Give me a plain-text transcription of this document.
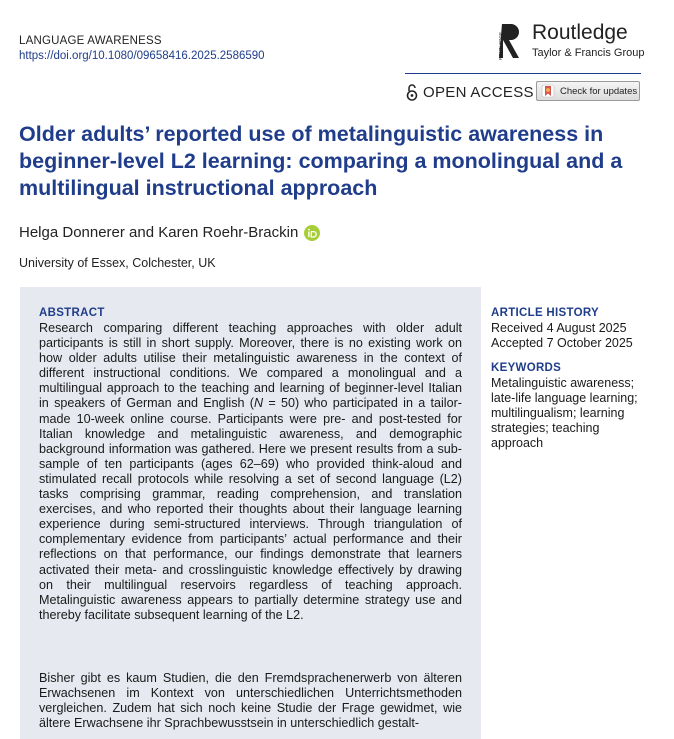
LANGUAGE AWARENESS
https://doi.org/10.1080/09658416.2025.2586590	ROUTLEDGE Routledge
Taylor & Francis Group
OPEN ACCESS	Check for updates
Older adults’ reported use of metalinguistic awareness in beginner-level L2 learning: comparing a monolingual and a multilingual instructional approach
Helga Donnerer and Karen Roehr-Brackin
University of Essex, Colchester, UK
ABSTRACT

Research comparing different teaching approaches with older adult participants is still in short supply. Moreover, there is no existing work on how older adults utilise their metalinguistic awareness in the context of different instructional conditions. We compared a monolingual and a multilingual approach to the teaching and learning of beginner-level Italian in speakers of German and English (N = 50) who participated in a tailor-made 10-week online course. Participants were pre- and post-tested for Italian knowledge and metalinguistic awareness, and demographic background information was gathered. Here we present results from a sub-sample of ten participants (ages 62–69) who provided think-aloud and stimulated recall protocols while resolving a set of second language (L2) tasks comprising grammar, reading comprehension, and translation exercises, and who reported their thoughts about their language learning experience during semi-structured interviews. Through triangulation of complementary evidence from participants’ actual performance and their reflections on that performance, our findings demonstrate that learners activated their meta- and crosslinguistic knowledge effectively by drawing on their multilingual reservoirs regardless of teaching approach. Metalinguistic awareness appears to partially determine strategy use and thereby facilitate subsequent learning of the L2.

Bisher gibt es kaum Studien, die den Fremdsprachenerwerb von älteren Erwachsenen im Kontext von unterschiedlichen Unterrichtsmethoden vergleichen. Zudem hat sich noch keine Studie der Frage gewidmet, wie ältere Erwachsene ihr Sprachbewusstsein in unterschiedlich gestalt-

ARTICLE HISTORY
Received 4 August 2025
Accepted 7 October 2025
KEYWORDS
Metalinguistic awareness; late-life language learning; multilingualism; learning strategies; teaching approach
